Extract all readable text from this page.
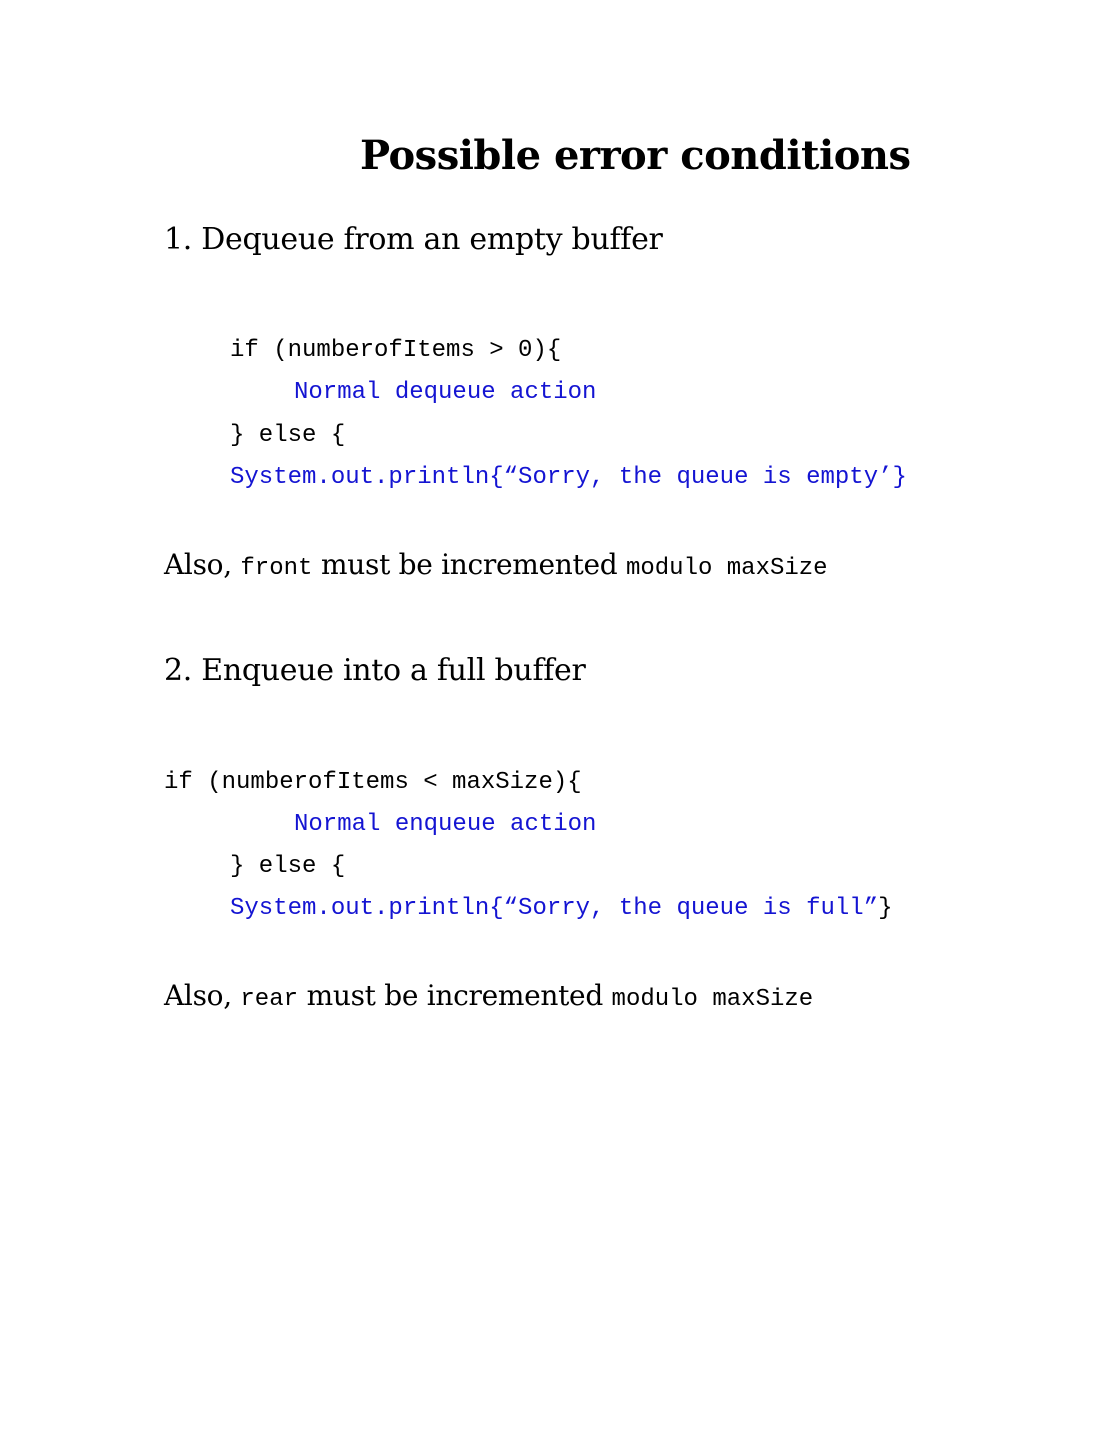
Possible error conditions
1. Dequeue from an empty buffer
if (numberofItems > 0){
Normal dequeue action
} else {
System.out.println{“Sorry, the queue is empty’}
Also, front must be incremented modulo maxSize
2. Enqueue into a full buffer
if (numberofItems < maxSize){
Normal enqueue action
} else {
System.out.println{“Sorry, the queue is full”}
Also, rear must be incremented modulo maxSize
